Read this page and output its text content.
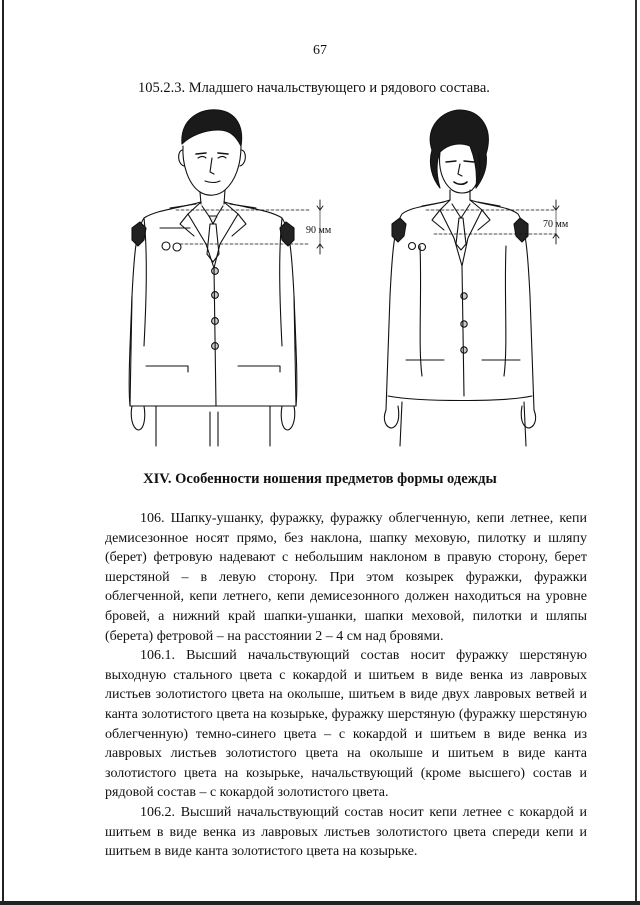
67
105.2.3. Младшего начальствующего и рядового состава.
90 мм
70 мм
XIV. Особенности ношения предметов формы одежды

106. Шапку-ушанку, фуражку, фуражку облегченную, кепи летнее, кепи демисезонное носят прямо, без наклона, шапку меховую, пилотку и шляпу (берет) фетровую надевают с небольшим наклоном в правую сторону, берет шерстяной – в левую сторону. При этом козырек фуражки, фуражки облегченной, кепи летнего, кепи демисезонного должен находиться на уровне бровей, а нижний край шапки-ушанки, шапки меховой, пилотки и шляпы (берета) фетровой – на расстоянии 2 – 4 см над бровями.

106.1. Высший начальствующий состав носит фуражку шерстяную выходную стального цвета с кокардой и шитьем в виде венка из лавровых листьев золотистого цвета на околыше, шитьем в виде двух лавровых ветвей и канта золотистого цвета на козырьке, фуражку шерстяную (фуражку шерстяную облегченную) темно-синего цвета – с кокардой и шитьем в виде венка из лавровых листьев золотистого цвета на околыше и шитьем в виде канта золотистого цвета на козырьке, начальствующий (кроме высшего) состав и рядовой состав – с кокардой золотистого цвета.

106.2. Высший начальствующий состав носит кепи летнее с кокардой и шитьем в виде венка из лавровых листьев золотистого цвета спереди кепи и шитьем в виде канта золотистого цвета на козырьке.
